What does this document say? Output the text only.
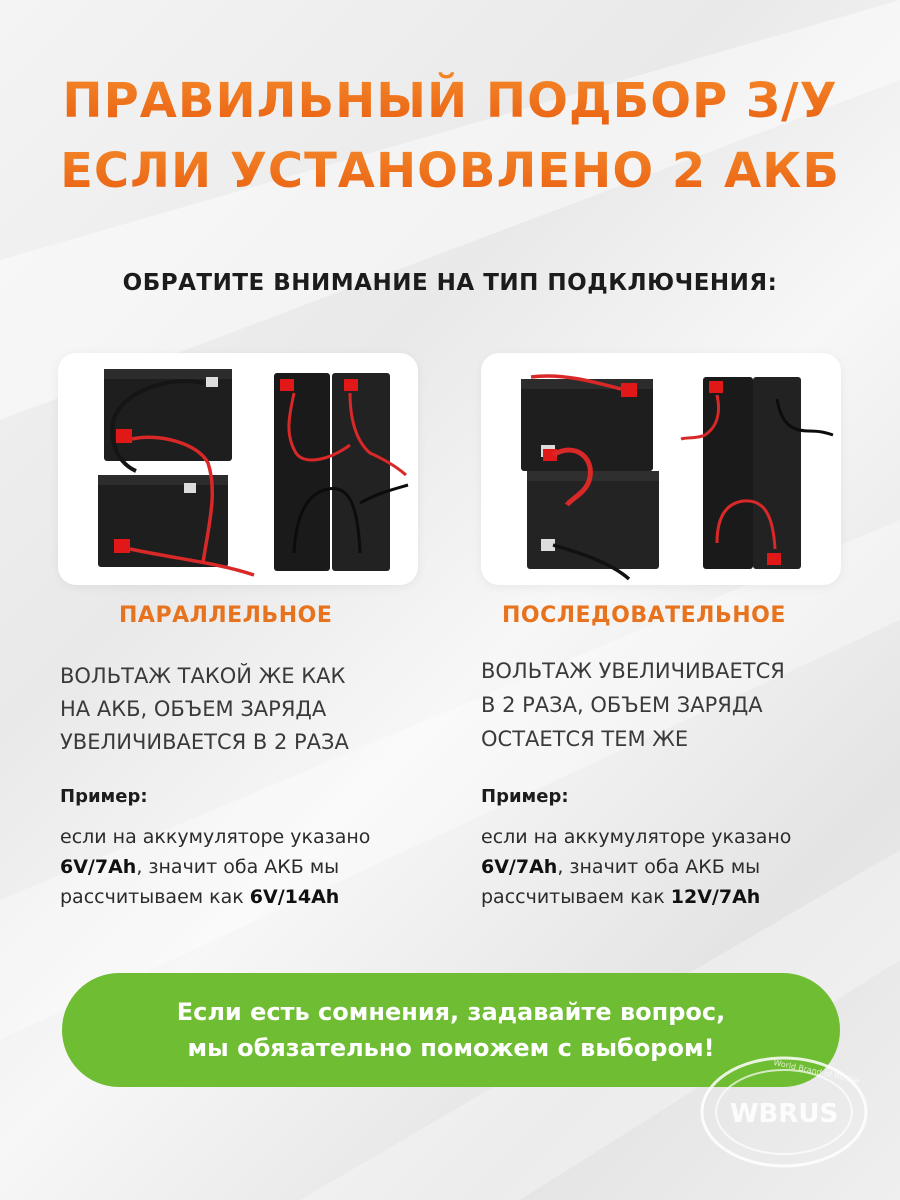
ПРАВИЛЬНЫЙ ПОДБОР З/У
ЕСЛИ УСТАНОВЛЕНО 2 АКБ
ОБРАТИТЕ ВНИМАНИЕ НА ТИП ПОДКЛЮЧЕНИЯ:
ПАРАЛЛЕЛЬНОЕ
ВОЛЬТАЖ ТАКОЙ ЖЕ КАК
НА АКБ, ОБЪЕМ ЗАРЯДА
УВЕЛИЧИВАЕТСЯ В 2 РАЗА
Пример:
если на аккумуляторе указано
6V/7Ah, значит оба АКБ мы
рассчитываем как 6V/14Ah
ПОСЛЕДОВАТЕЛЬНОЕ
ВОЛЬТАЖ УВЕЛИЧИВАЕТСЯ
В 2 РАЗА, ОБЪЕМ ЗАРЯДА
ОСТАЕТСЯ ТЕМ ЖЕ
Пример:
если на аккумуляторе указано
6V/7Ah, значит оба АКБ мы
рассчитываем как 12V/7Ah
Если есть сомнения, задавайте вопрос,
мы обязательно поможем с выбором!
WBRUS
World Brand of Russia
